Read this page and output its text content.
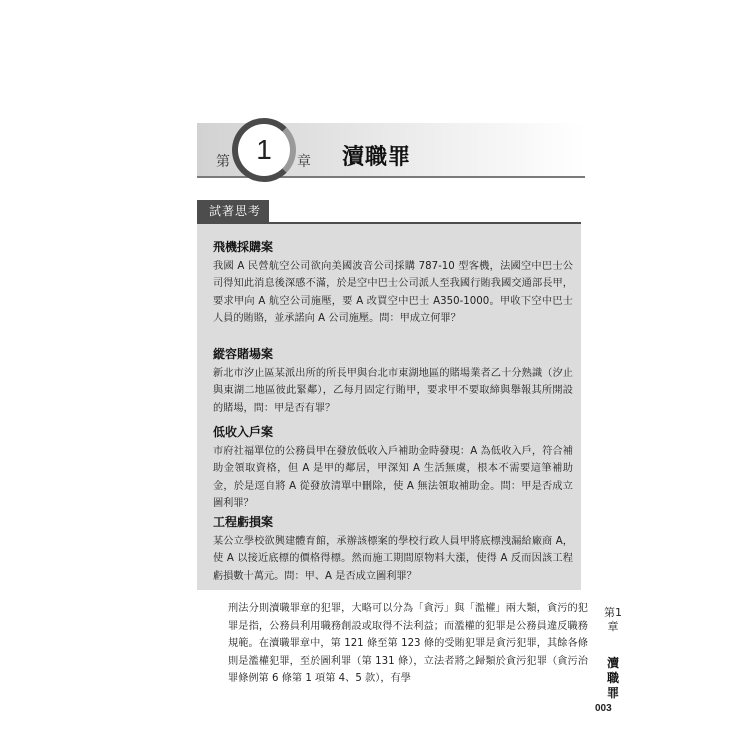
1
第	章 瀆職罪
試著思考
飛機採購案
我國 A 民營航空公司欲向美國波音公司採購 787-10 型客機，法國空中巴士公司得知此消息後深感不滿，於是空中巴士公司派人至我國行賄我國交通部長甲，要求甲向 A 航空公司施壓，要 A 改買空中巴士 A350-1000。甲收下空中巴士人員的賄賂，並承諾向 A 公司施壓。問：甲成立何罪？
縱容賭場案
新北市汐止區某派出所的所長甲與台北市東湖地區的賭場業者乙十分熟識（汐止與東湖二地區彼此緊鄰），乙每月固定行賄甲，要求甲不要取締與舉報其所開設的賭場，問：甲是否有罪？
低收入戶案
市府社福單位的公務員甲在發放低收入戶補助金時發現：A 為低收入戶，符合補助金領取資格，但 A 是甲的鄰居，甲深知 A 生活無虞，根本不需要這筆補助金，於是逕自將 A 從發放清單中刪除，使 A 無法領取補助金。問：甲是否成立圖利罪？
工程虧損案
某公立學校欲興建體育館，承辦該標案的學校行政人員甲將底標洩漏給廠商 A，使 A 以接近底標的價格得標。然而施工期間原物料大漲，使得 A 反而因該工程虧損數十萬元。問：甲、A 是否成立圖利罪？
刑法分則瀆職罪章的犯罪，大略可以分為「貪污」與「濫權」兩大類，貪污的犯罪是指，公務員利用職務創設或取得不法利益；而濫權的犯罪是公務員違反職務規範。在瀆職罪章中，第 121 條至第 123 條的受賄犯罪是貪污犯罪，其餘各條則是濫權犯罪，至於圖利罪（第 131 條），立法者將之歸類於貪污犯罪（貪污治罪條例第 6 條第 1 項第 4、5 款），有學
第1章
瀆職罪
003
